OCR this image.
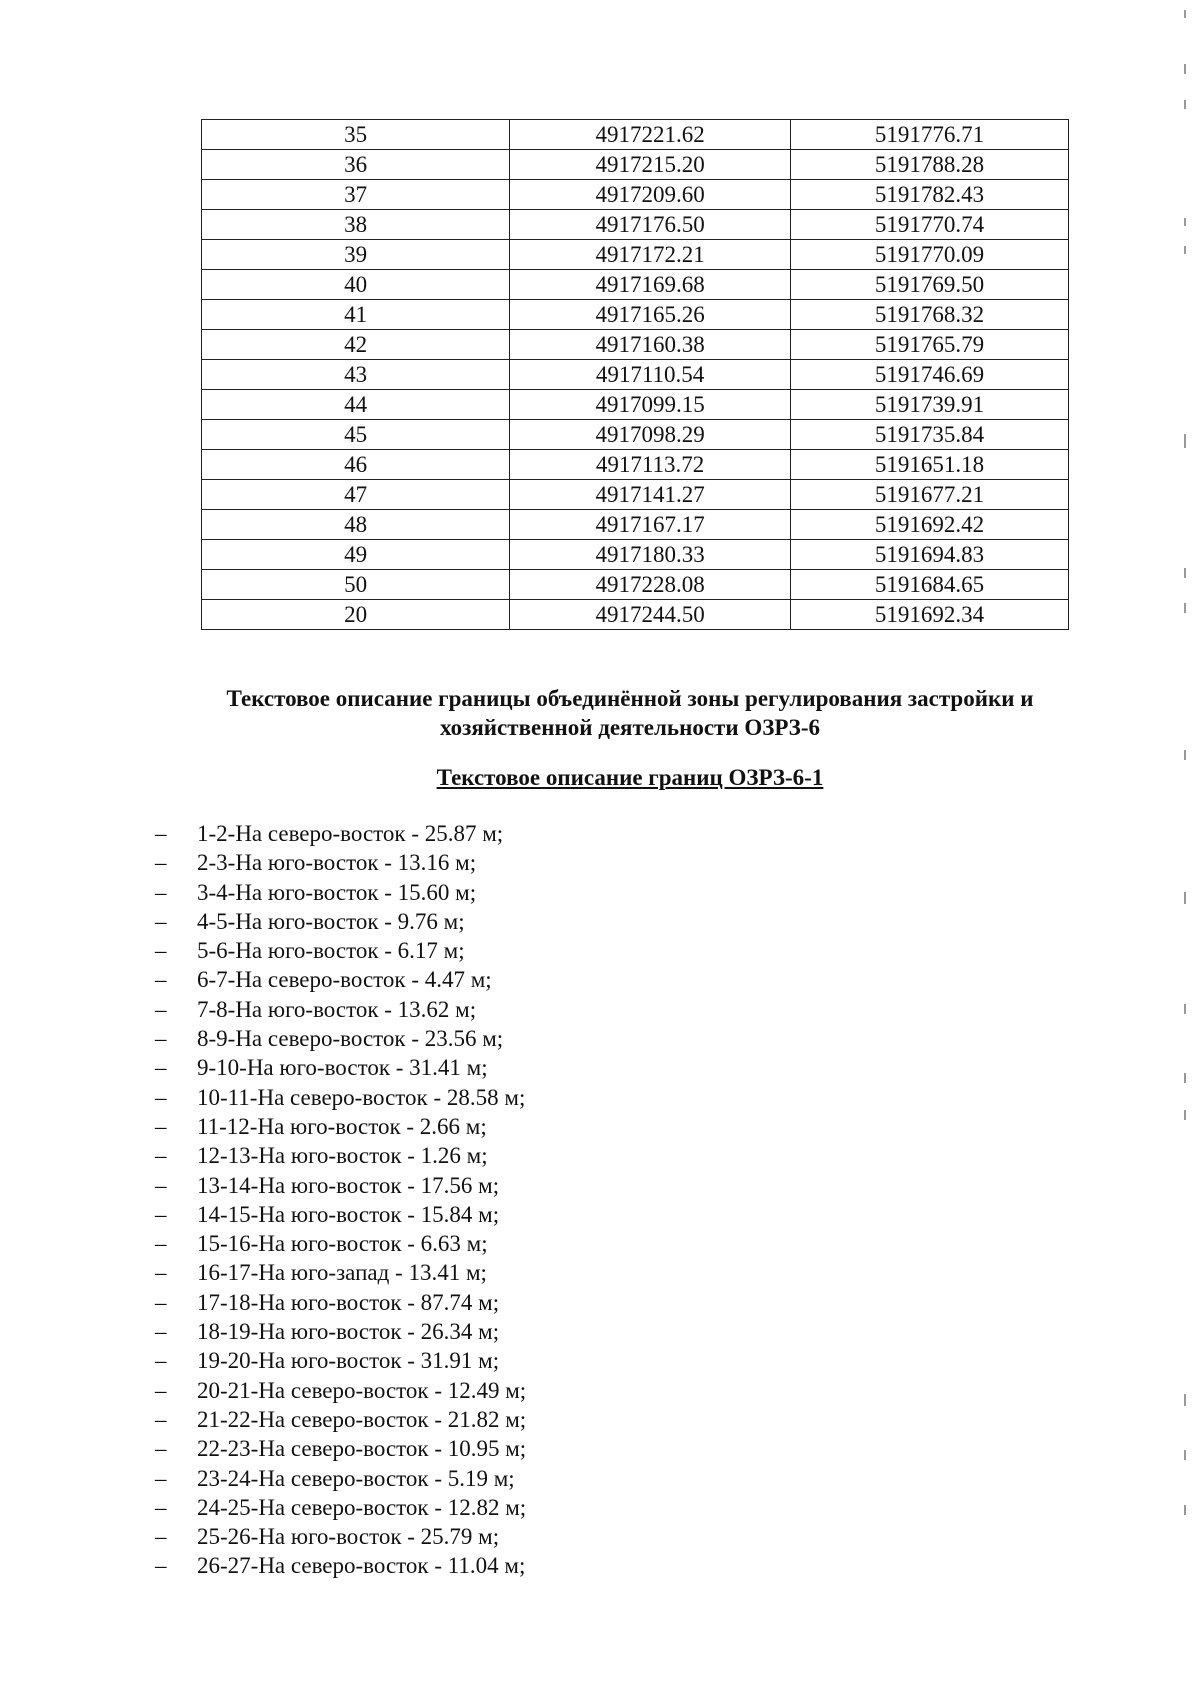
35	4917221.62	5191776.71
36	4917215.20	5191788.28
37	4917209.60	5191782.43
38	4917176.50	5191770.74
39	4917172.21	5191770.09
40	4917169.68	5191769.50
41	4917165.26	5191768.32
42	4917160.38	5191765.79
43	4917110.54	5191746.69
44	4917099.15	5191739.91
45	4917098.29	5191735.84
46	4917113.72	5191651.18
47	4917141.27	5191677.21
48	4917167.17	5191692.42
49	4917180.33	5191694.83
50	4917228.08	5191684.65
20	4917244.50	5191692.34
Текстовое описание границы объединённой зоны регулирования застройки и
хозяйственной деятельности ОЗРЗ-6
Текстовое описание границ ОЗРЗ-6-1
– 1-2-На северо-восток - 25.87 м;
– 2-3-На юго-восток - 13.16 м;
– 3-4-На юго-восток - 15.60 м;
– 4-5-На юго-восток - 9.76 м;
– 5-6-На юго-восток - 6.17 м;
– 6-7-На северо-восток - 4.47 м;
– 7-8-На юго-восток - 13.62 м;
– 8-9-На северо-восток - 23.56 м;
– 9-10-На юго-восток - 31.41 м;
– 10-11-На северо-восток - 28.58 м;
– 11-12-На юго-восток - 2.66 м;
– 12-13-На юго-восток - 1.26 м;
– 13-14-На юго-восток - 17.56 м;
– 14-15-На юго-восток - 15.84 м;
– 15-16-На юго-восток - 6.63 м;
– 16-17-На юго-запад - 13.41 м;
– 17-18-На юго-восток - 87.74 м;
– 18-19-На юго-восток - 26.34 м;
– 19-20-На юго-восток - 31.91 м;
– 20-21-На северо-восток - 12.49 м;
– 21-22-На северо-восток - 21.82 м;
– 22-23-На северо-восток - 10.95 м;
– 23-24-На северо-восток - 5.19 м;
– 24-25-На северо-восток - 12.82 м;
– 25-26-На юго-восток - 25.79 м;
– 26-27-На северо-восток - 11.04 м;
